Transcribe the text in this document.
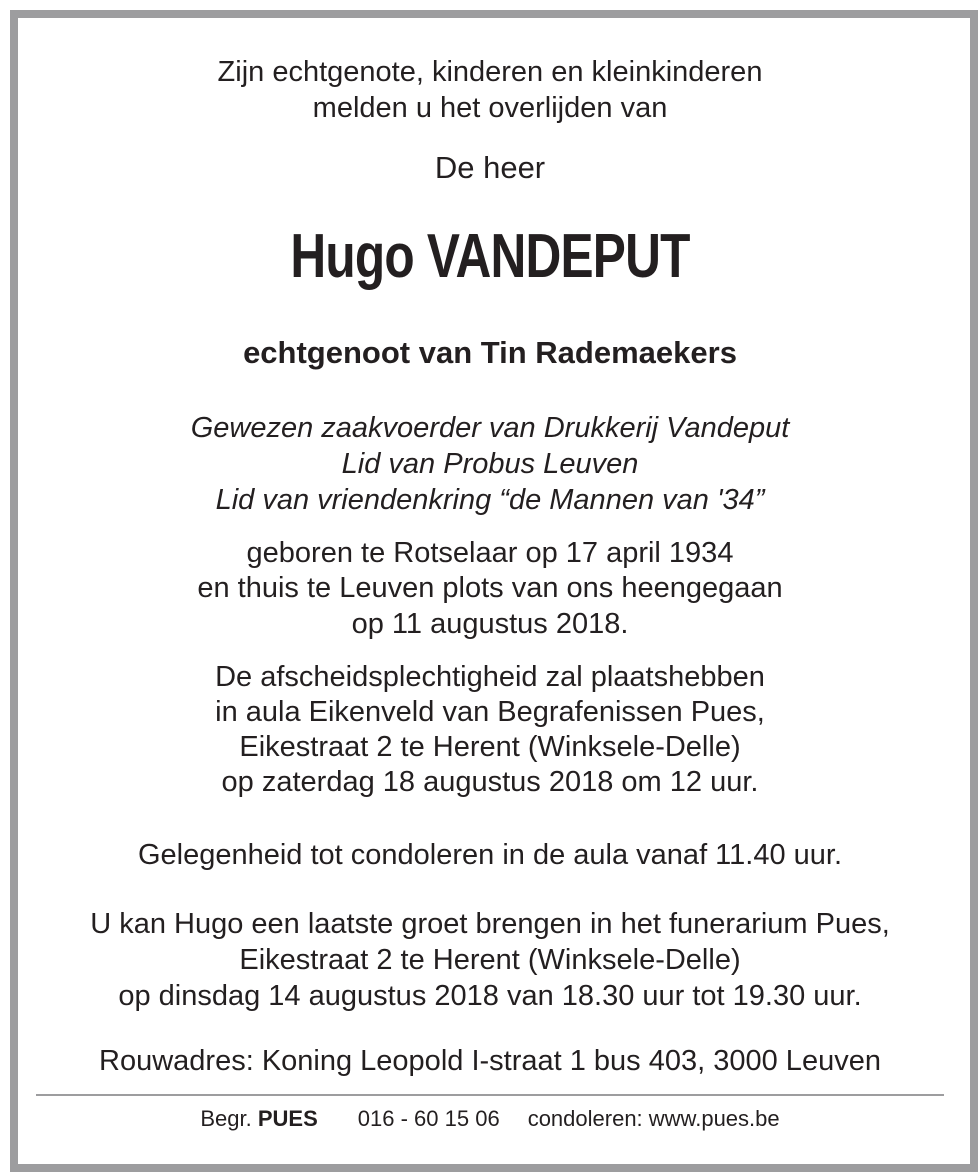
Zijn echtgenote, kinderen en kleinkinderen
melden u het overlijden van
De heer
Hugo VANDEPUT
echtgenoot van Tin Rademaekers
Gewezen zaakvoerder van Drukkerij Vandeput
Lid van Probus Leuven
Lid van vriendenkring “de Mannen van '34”
geboren te Rotselaar op 17 april 1934
en thuis te Leuven plots van ons heengegaan
op 11 augustus 2018.
De afscheidsplechtigheid zal plaatshebben
in aula Eikenveld van Begrafenissen Pues,
Eikestraat 2 te Herent (Winksele-Delle)
op zaterdag 18 augustus 2018 om 12 uur.
Gelegenheid tot condoleren in de aula vanaf 11.40 uur.
U kan Hugo een laatste groet brengen in het funerarium Pues,
Eikestraat 2 te Herent (Winksele-Delle)
op dinsdag 14 augustus 2018 van 18.30 uur tot 19.30 uur.
Rouwadres: Koning Leopold I-straat 1 bus 403, 3000 Leuven
Begr. PUES 016 - 60 15 06 condoleren: www.pues.be
